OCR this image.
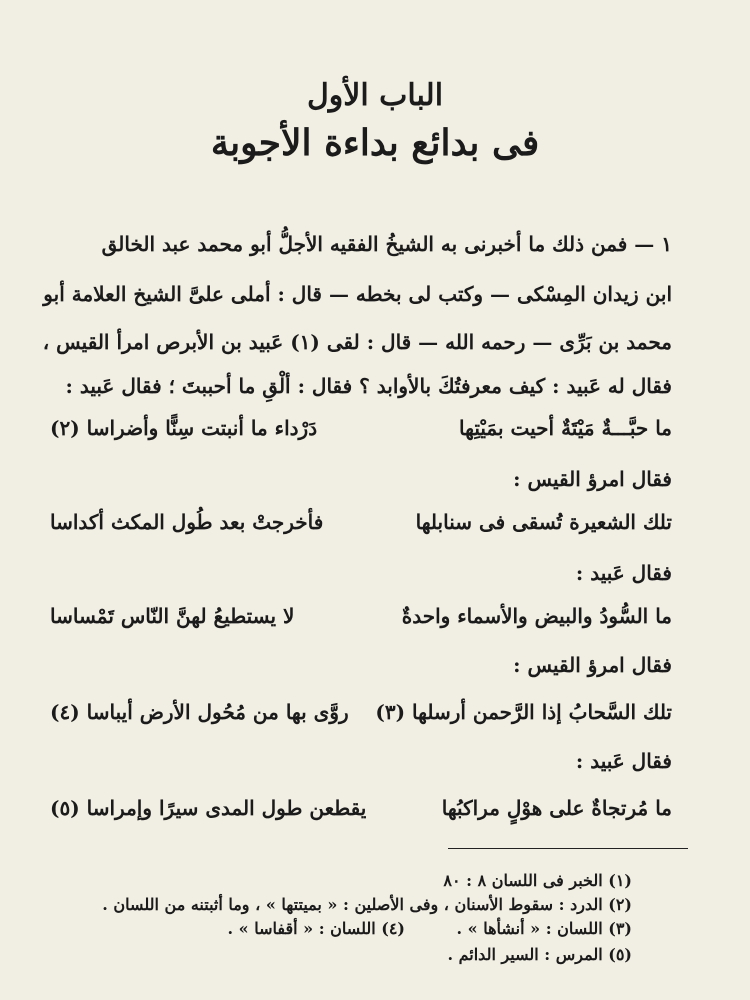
الباب الأول
فى بدائع بداءة الأجوبة
١ — فمن ذلك ما أخبرنى به الشيخُ الفقيه الأجلُّ أبو محمد عبد الخالق
ابن زيدان المِسْكى — وكتب لى بخطه — قال : أملى علىَّ الشيخ العلامة أبو
محمد بن بَرِّى — رحمه الله — قال : لقى (١) عَبيد بن الأبرص امرأ القيس ،
فقال له عَبيد : كيف معرفتُكَ بالأوابد ؟ فقال : ألْقِ ما أحببتَ ؛ فقال عَبيد :
ما حبَّـــةٌ مَيْتَةٌ أحيت بمَيْتِها
دَرْداء ما أنبتت سِنًّا وأضراسا (٢)
فقال امرؤ القيس :
تلك الشعيرة تُسقى فى سنابلها
فأخرجتْ بعد طُول المكث أكداسا
فقال عَبيد :
ما السُّودُ والبيض والأسماء واحدةٌ
لا يستطيعُ لهنَّ النّاس تَمْساسا
فقال امرؤ القيس :
تلك السَّحابُ إذا الرَّحمن أرسلها (٣)
روَّى بها من مُحُول الأرض أيباسا (٤)
فقال عَبيد :
ما مُرتجاةٌ على هوْلٍ مراكبُها
يقطعن طول المدى سيرًا وإمراسا (٥)
(١) الخبر فى اللسان ٨ : ٨٠
(٢) الدرد : سقوط الأسنان ، وفى الأصلين : « بميتتها » ، وما أثبتنه من اللسان .
(٣) اللسان : « أنشأها » .
(٤) اللسان : « أقفاسا » .
(٥) المرس : السير الدائم .
